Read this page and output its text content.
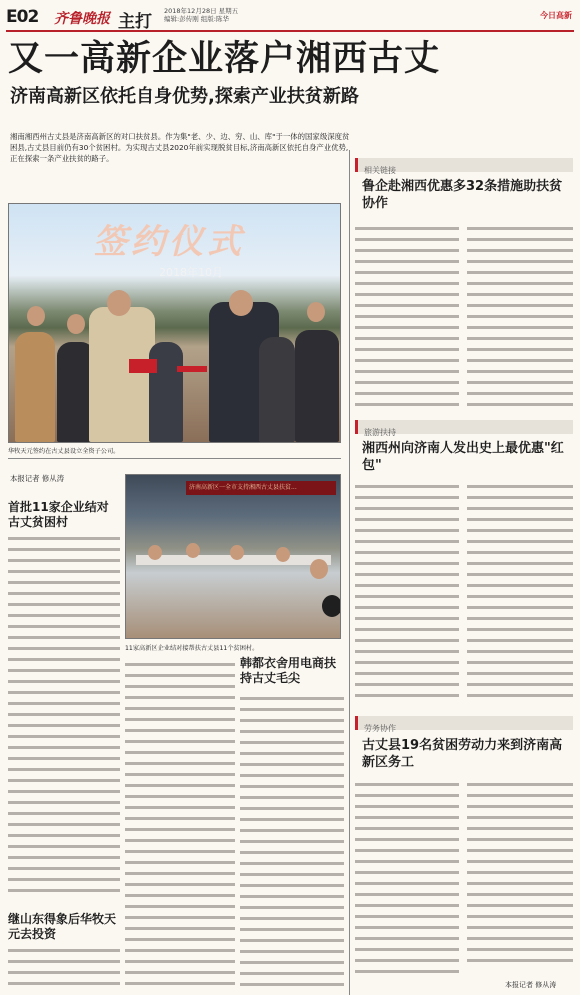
E02 齐鲁晚报 主打
2018年12月28日 星期五
编辑:彭传刚 组版:陈华	今日高新
又一高新企业落户湘西古丈
济南高新区依托自身优势,探索产业扶贫新路
湘南湘西州古丈县是济南高新区的对口扶贫县。作为集"老、少、边、穷、山、库"于一体的国家级深度贫困县,古丈县目前仍有30个贫困村。为实现古丈县2020年前实现脱贫目标,济南高新区依托自身产业优势,正在探索一条产业扶贫的路子。
签约仪式
2018年10月
华牧天元签约在古丈县设立全资子公司。
本报记者 修从涛
首批11家企业结对古丈贫困村
继山东得象后华牧天元去投资
济南高新区一全市支持湘西古丈县扶贫...
11家高新区企业结对接帮扶古丈县11个贫困村。
韩都衣舍用电商扶持古丈毛尖
相关链接
鲁企赴湘西优惠多32条措施助扶贫协作
旅游扶持
湘西州向济南人发出史上最优惠"红包"
劳务协作
古丈县19名贫困劳动力来到济南高新区务工
本报记者 修从涛
